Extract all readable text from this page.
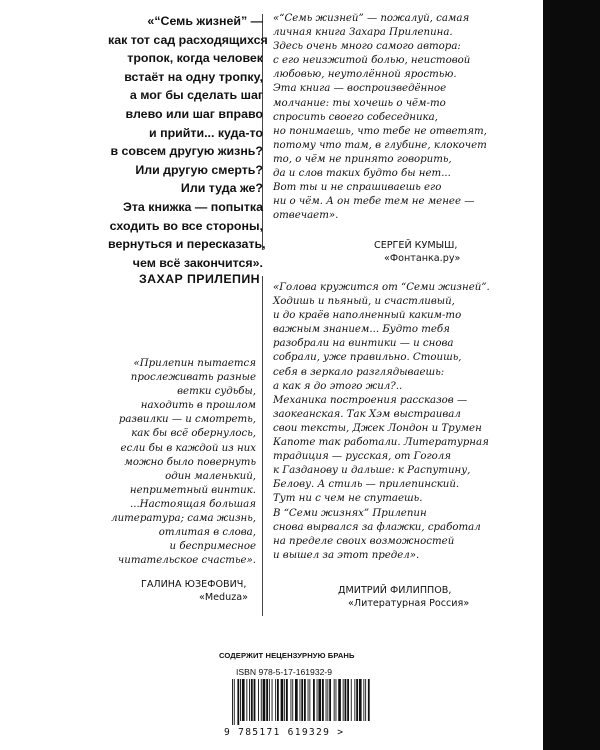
«“Семь жизней” —
как тот сад расходящихся
тропок, когда человек
встаёт на одну тропку,
а мог бы сделать шаг
влево или шаг вправо
и прийти... куда-то
в совсем другую жизнь?
Или другую смерть?
Или туда же?
Эта книжка — попытка
сходить во все стороны,
вернуться и пересказать,
чем всё закончится».
ЗАХАР ПРИЛЕПИН
«“Семь жизней” — пожалуй, самая
личная книга Захара Прилепина.
Здесь очень много самого автора:
с его неизжитой болью, неистовой
любовью, неутолённой яростью.
Эта книга — воспроизведённое
молчание: ты хочешь о чём-то
спросить своего собеседника,
но понимаешь, что тебе не ответят,
потому что там, в глубине, клокочет
то, о чём не принято говорить,
да и слов таких будто бы нет...
Вот ты и не спрашиваешь его
ни о чём. А он тебе тем не менее —
отвечает».
СЕРГЕЙ КУМЫШ,
«Фонтанка.ру»
«Прилепин пытается
прослеживать разные
ветки судьбы,
находить в прошлом
развилки — и смотреть,
как бы всё обернулось,
если бы в каждой из них
можно было повернуть
один маленький,
неприметный винтик.
...Настоящая большая
литература; сама жизнь,
отлитая в слова,
и беспримесное
читательское счастье».
ГАЛИНА ЮЗЕФОВИЧ,
«Meduza»
«Голова кружится от “Семи жизней”.
Ходишь и пьяный, и счастливый,
и до краёв наполненный каким-то
важным знанием... Будто тебя
разобрали на винтики — и снова
собрали, уже правильно. Стоишь,
себя в зеркало разглядываешь:
а как я до этого жил?..
Механика построения рассказов —
заокеанская. Так Хэм выстраивал
свои тексты, Джек Лондон и Трумен
Капоте так работали. Литературная
традиция — русская, от Гоголя
к Газданову и дальше: к Распутину,
Белову. А стиль — прилепинский.
Тут ни с чем не спутаешь.
В “Семи жизнях” Прилепин
снова вырвался за флажки, сработал
на пределе своих возможностей
и вышел за этот предел».
ДМИТРИЙ ФИЛИППОВ,
«Литературная Россия»
СОДЕРЖИТ НЕЦЕНЗУРНУЮ БРАНЬ
ISBN 978-5-17-161932-9
9 785171 619329 >
